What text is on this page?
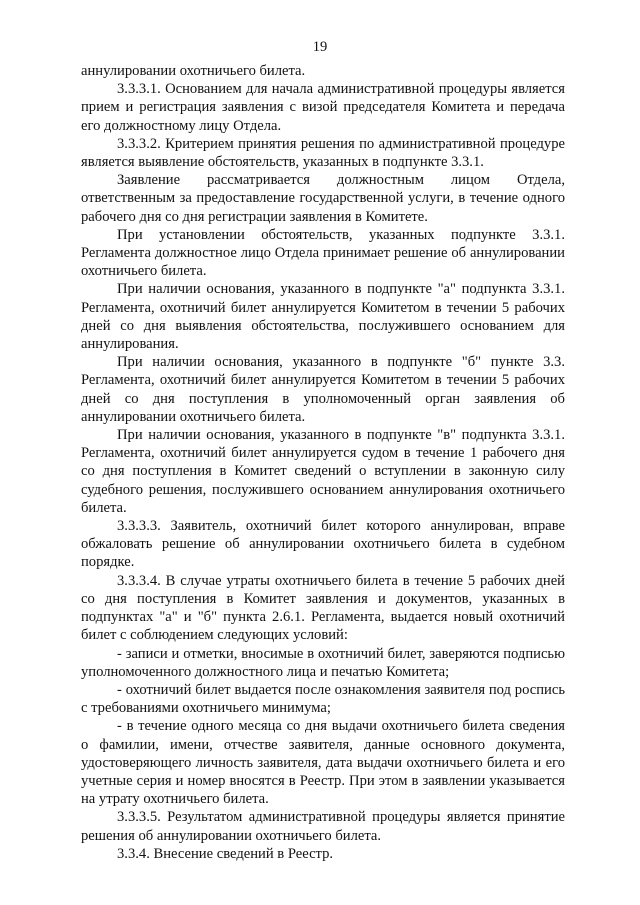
19

аннулировании охотничьего билета.

3.3.3.1. Основанием для начала административной процедуры является прием и регистрация заявления с визой председателя Комитета и передача его должностному лицу Отдела.

3.3.3.2. Критерием принятия решения по административной процедуре является выявление обстоятельств, указанных в подпункте 3.3.1.

Заявление рассматривается должностным лицом Отдела, ответственным за предоставление государственной услуги, в течение одного рабочего дня со дня регистрации заявления в Комитете.

При установлении обстоятельств, указанных подпункте 3.3.1. Регламента должностное лицо Отдела принимает решение об аннулировании охотничьего билета.

При наличии основания, указанного в подпункте "а" подпункта 3.3.1. Регламента, охотничий билет аннулируется Комитетом в течении 5 рабочих дней со дня выявления обстоятельства, послужившего основанием для аннулирования.

При наличии основания, указанного в подпункте "б" пункте 3.3. Регламента, охотничий билет аннулируется Комитетом в течении 5 рабочих дней со дня поступления в уполномоченный орган заявления об аннулировании охотничьего билета.

При наличии основания, указанного в подпункте "в" подпункта 3.3.1. Регламента, охотничий билет аннулируется судом в течение 1 рабочего дня со дня поступления в Комитет сведений о вступлении в законную силу судебного решения, послужившего основанием аннулирования охотничьего билета.

3.3.3.3. Заявитель, охотничий билет которого аннулирован, вправе обжаловать решение об аннулировании охотничьего билета в судебном порядке.

3.3.3.4. В случае утраты охотничьего билета в течение 5 рабочих дней со дня поступления в Комитет заявления и документов, указанных в подпунктах "а" и "б" пункта 2.6.1. Регламента, выдается новый охотничий билет с соблюдением следующих условий:

- записи и отметки, вносимые в охотничий билет, заверяются подписью уполномоченного должностного лица и печатью Комитета;

- охотничий билет выдается после ознакомления заявителя под роспись с требованиями охотничьего минимума;

- в течение одного месяца со дня выдачи охотничьего билета сведения о фамилии, имени, отчестве заявителя, данные основного документа, удостоверяющего личность заявителя, дата выдачи охотничьего билета и его учетные серия и номер вносятся в Реестр. При этом в заявлении указывается на утрату охотничьего билета.

3.3.3.5. Результатом административной процедуры является принятие решения об аннулировании охотничьего билета.

3.3.4. Внесение сведений в Реестр.
